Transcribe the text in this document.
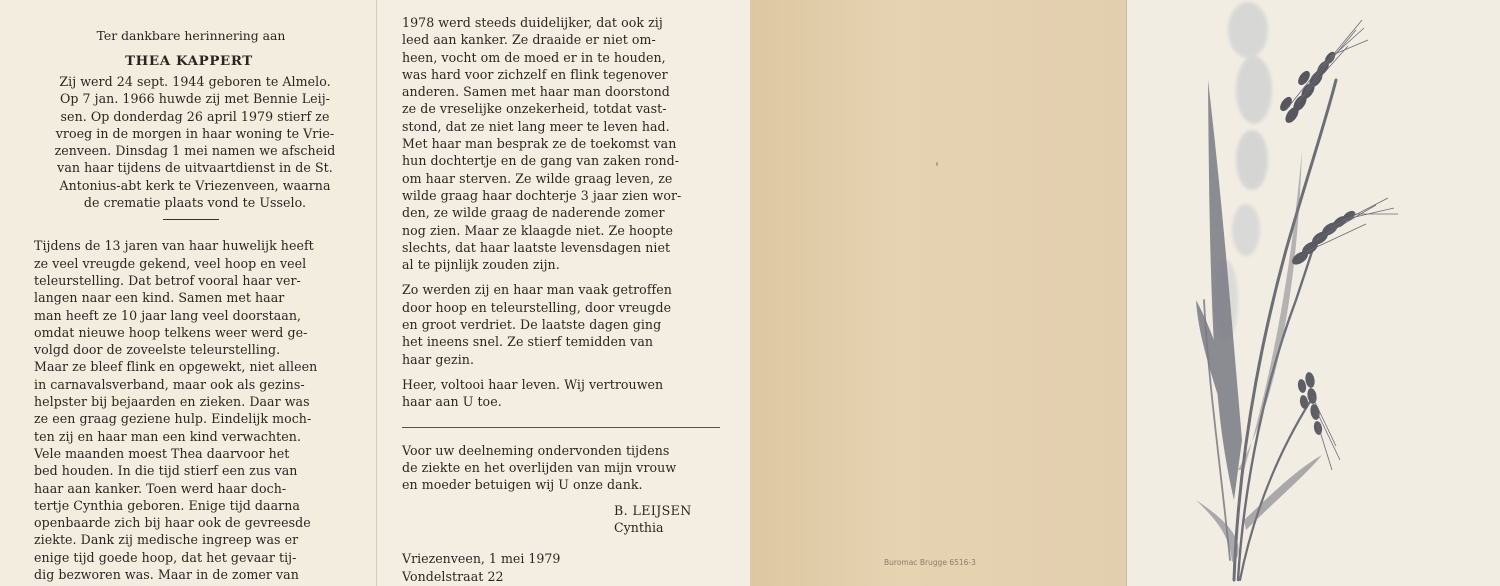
Ter dankbare herinnering aan
THEA KAPPERT
Zij werd 24 sept. 1944 geboren te Almelo.
Op 7 jan. 1966 huwde zij met Bennie Leij-
sen. Op donderdag 26 april 1979 stierf ze
vroeg in de morgen in haar woning te Vrie-
zenveen. Dinsdag 1 mei namen we afscheid
van haar tijdens de uitvaartdienst in de St.
Antonius-abt kerk te Vriezenveen, waarna
de crematie plaats vond te Usselo.
Tijdens de 13 jaren van haar huwelijk heeft
ze veel vreugde gekend, veel hoop en veel
teleurstelling. Dat betrof vooral haar ver-
langen naar een kind. Samen met haar
man heeft ze 10 jaar lang veel doorstaan,
omdat nieuwe hoop telkens weer werd ge-
volgd door de zoveelste teleurstelling.
Maar ze bleef flink en opgewekt, niet alleen
in carnavalsverband, maar ook als gezins-
helpster bij bejaarden en zieken. Daar was
ze een graag geziene hulp. Eindelijk moch-
ten zij en haar man een kind verwachten.
Vele maanden moest Thea daarvoor het
bed houden. In die tijd stierf een zus van
haar aan kanker. Toen werd haar doch-
tertje Cynthia geboren. Enige tijd daarna
openbaarde zich bij haar ook de gevreesde
ziekte. Dank zij medische ingreep was er
enige tijd goede hoop, dat het gevaar tij-
dig bezworen was. Maar in de zomer van
1978 werd steeds duidelijker, dat ook zij
leed aan kanker. Ze draaide er niet om-
heen, vocht om de moed er in te houden,
was hard voor zichzelf en flink tegenover
anderen. Samen met haar man doorstond
ze de vreselijke onzekerheid, totdat vast-
stond, dat ze niet lang meer te leven had.
Met haar man besprak ze de toekomst van
hun dochtertje en de gang van zaken rond-
om haar sterven. Ze wilde graag leven, ze
wilde graag haar dochterje 3 jaar zien wor-
den, ze wilde graag de naderende zomer
nog zien. Maar ze klaagde niet. Ze hoopte
slechts, dat haar laatste levensdagen niet
al te pijnlijk zouden zijn.
Zo werden zij en haar man vaak getroffen
door hoop en teleurstelling, door vreugde
en groot verdriet. De laatste dagen ging
het ineens snel. Ze stierf temidden van
haar gezin.
Heer, voltooi haar leven. Wij vertrouwen
haar aan U toe.
Voor uw deelneming ondervonden tijdens
de ziekte en het overlijden van mijn vrouw
en moeder betuigen wij U onze dank.
B. LEIJSEN
Cynthia
Vriezenveen, 1 mei 1979
Vondelstraat 22
Buromac Brugge 6516-3
